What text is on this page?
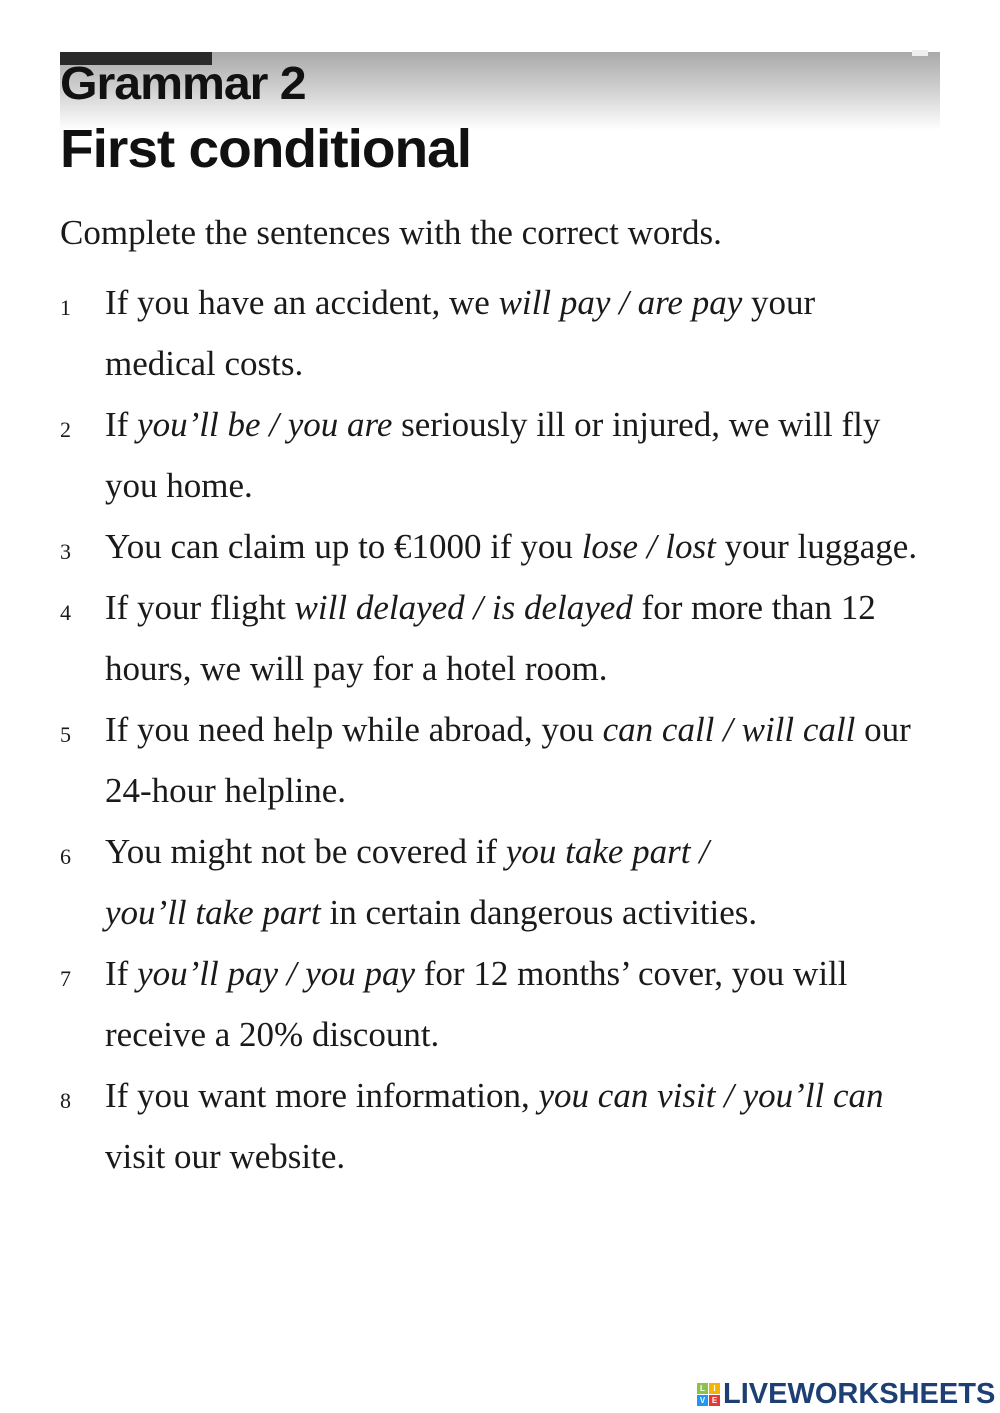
Grammar 2
First conditional
Complete the sentences with the correct words.
1 If you have an accident, we will pay / are pay your
medical costs.
2 If you’ll be / you are seriously ill or injured, we will fly
you home.
3 You can claim up to €1000 if you lose / lost your luggage.
4 If your flight will delayed / is delayed for more than 12
hours, we will pay for a hotel room.
5 If you need help while abroad, you can call / will call our
24-hour helpline.
6 You might not be covered if you take part /
you’ll take part in certain dangerous activities.
7 If you’ll pay / you pay for 12 months’ cover, you will
receive a 20% discount.
8 If you want more information, you can visit / you’ll can
visit our website.
L	I
V E LIVEWORKSHEETS
